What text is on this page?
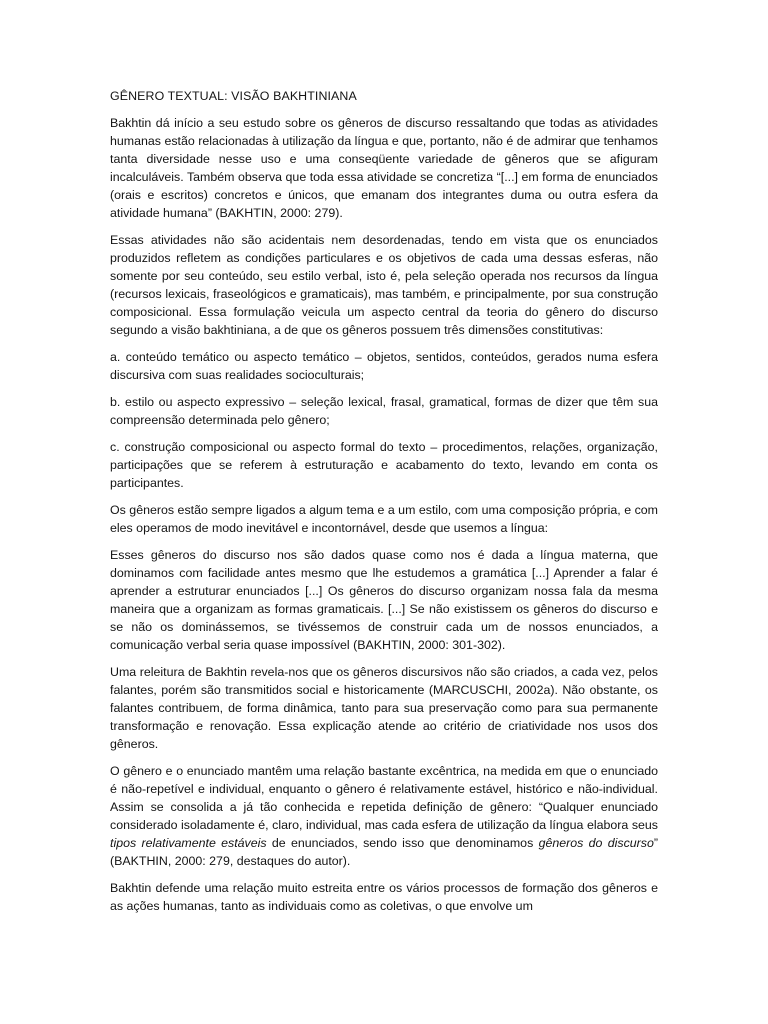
GÊNERO TEXTUAL: VISÃO BAKHTINIANA

Bakhtin dá início a seu estudo sobre os gêneros de discurso ressaltando que todas as atividades humanas estão relacionadas à utilização da língua e que, portanto, não é de admirar que tenhamos tanta diversidade nesse uso e uma conseqüente variedade de gêneros que se afiguram incalculáveis. Também observa que toda essa atividade se concretiza “[...] em forma de enunciados (orais e escritos) concretos e únicos, que emanam dos integrantes duma ou outra esfera da atividade humana” (BAKHTIN, 2000: 279).

Essas atividades não são acidentais nem desordenadas, tendo em vista que os enunciados produzidos refletem as condições particulares e os objetivos de cada uma dessas esferas, não somente por seu conteúdo, seu estilo verbal, isto é, pela seleção operada nos recursos da língua (recursos lexicais, fraseológicos e gramaticais), mas também, e principalmente, por sua construção composicional. Essa formulação veicula um aspecto central da teoria do gênero do discurso segundo a visão bakhtiniana, a de que os gêneros possuem três dimensões constitutivas:

a. conteúdo temático ou aspecto temático – objetos, sentidos, conteúdos, gerados numa esfera discursiva com suas realidades socioculturais;

b. estilo ou aspecto expressivo – seleção lexical, frasal, gramatical, formas de dizer que têm sua compreensão determinada pelo gênero;

c. construção composicional ou aspecto formal do texto – procedimentos, relações, organização, participações que se referem à estruturação e acabamento do texto, levando em conta os participantes.

Os gêneros estão sempre ligados a algum tema e a um estilo, com uma composição própria, e com eles operamos de modo inevitável e incontornável, desde que usemos a língua:

Esses gêneros do discurso nos são dados quase como nos é dada a língua materna, que dominamos com facilidade antes mesmo que lhe estudemos a gramática [...] Aprender a falar é aprender a estruturar enunciados [...] Os gêneros do discurso organizam nossa fala da mesma maneira que a organizam as formas gramaticais. [...] Se não existissem os gêneros do discurso e se não os dominássemos, se tivéssemos de construir cada um de nossos enunciados, a comunicação verbal seria quase impossível (BAKHTIN, 2000: 301-302).

Uma releitura de Bakhtin revela-nos que os gêneros discursivos não são criados, a cada vez, pelos falantes, porém são transmitidos social e historicamente (MARCUSCHI, 2002a). Não obstante, os falantes contribuem, de forma dinâmica, tanto para sua preservação como para sua permanente transformação e renovação. Essa explicação atende ao critério de criatividade nos usos dos gêneros.

O gênero e o enunciado mantêm uma relação bastante excêntrica, na medida em que o enunciado é não-repetível e individual, enquanto o gênero é relativamente estável, histórico e não-individual. Assim se consolida a já tão conhecida e repetida definição de gênero: “Qualquer enunciado considerado isoladamente é, claro, individual, mas cada esfera de utilização da língua elabora seus tipos relativamente estáveis de enunciados, sendo isso que denominamos gêneros do discurso” (BAKTHIN, 2000: 279, destaques do autor).

Bakhtin defende uma relação muito estreita entre os vários processos de formação dos gêneros e as ações humanas, tanto as individuais como as coletivas, o que envolve um
